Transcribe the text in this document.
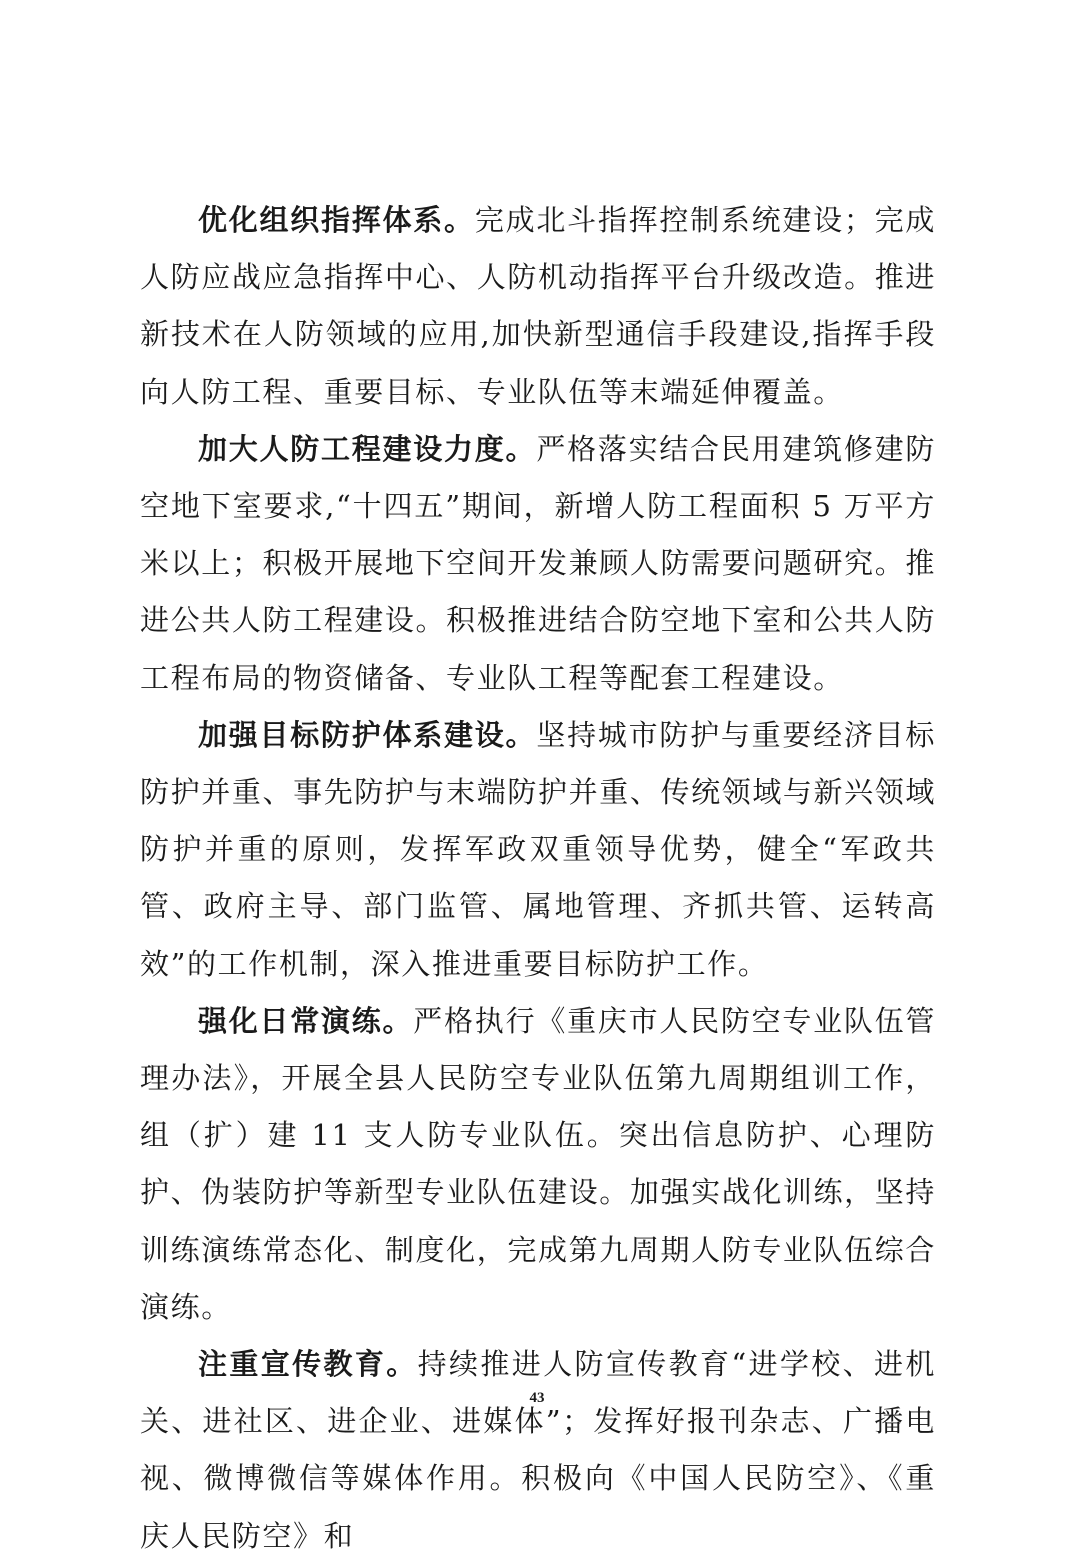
优化组织指挥体系。完成北斗指挥控制系统建设；完成人防应战应急指挥中心、人防机动指挥平台升级改造。推进新技术在人防领域的应用,加快新型通信手段建设,指挥手段向人防工程、重要目标、专业队伍等末端延伸覆盖。

加大人防工程建设力度。严格落实结合民用建筑修建防空地下室要求,“十四五”期间，新增人防工程面积 5 万平方米以上；积极开展地下空间开发兼顾人防需要问题研究。推进公共人防工程建设。积极推进结合防空地下室和公共人防工程布局的物资储备、专业队工程等配套工程建设。

加强目标防护体系建设。坚持城市防护与重要经济目标防护并重、事先防护与末端防护并重、传统领域与新兴领域防护并重的原则，发挥军政双重领导优势，健全“军政共管、政府主导、部门监管、属地管理、齐抓共管、运转高效”的工作机制，深入推进重要目标防护工作。

强化日常演练。严格执行《重庆市人民防空专业队伍管理办法》，开展全县人民防空专业队伍第九周期组训工作，组（扩）建 11 支人防专业队伍。突出信息防护、心理防护、伪装防护等新型专业队伍建设。加强实战化训练，坚持训练演练常态化、制度化，完成第九周期人防专业队伍综合演练。

注重宣传教育。持续推进人防宣传教育“进学校、进机关、进社区、进企业、进媒体”；发挥好报刊杂志、广播电视、微博微信等媒体作用。积极向《中国人民防空》、《重庆人民防空》和

43
